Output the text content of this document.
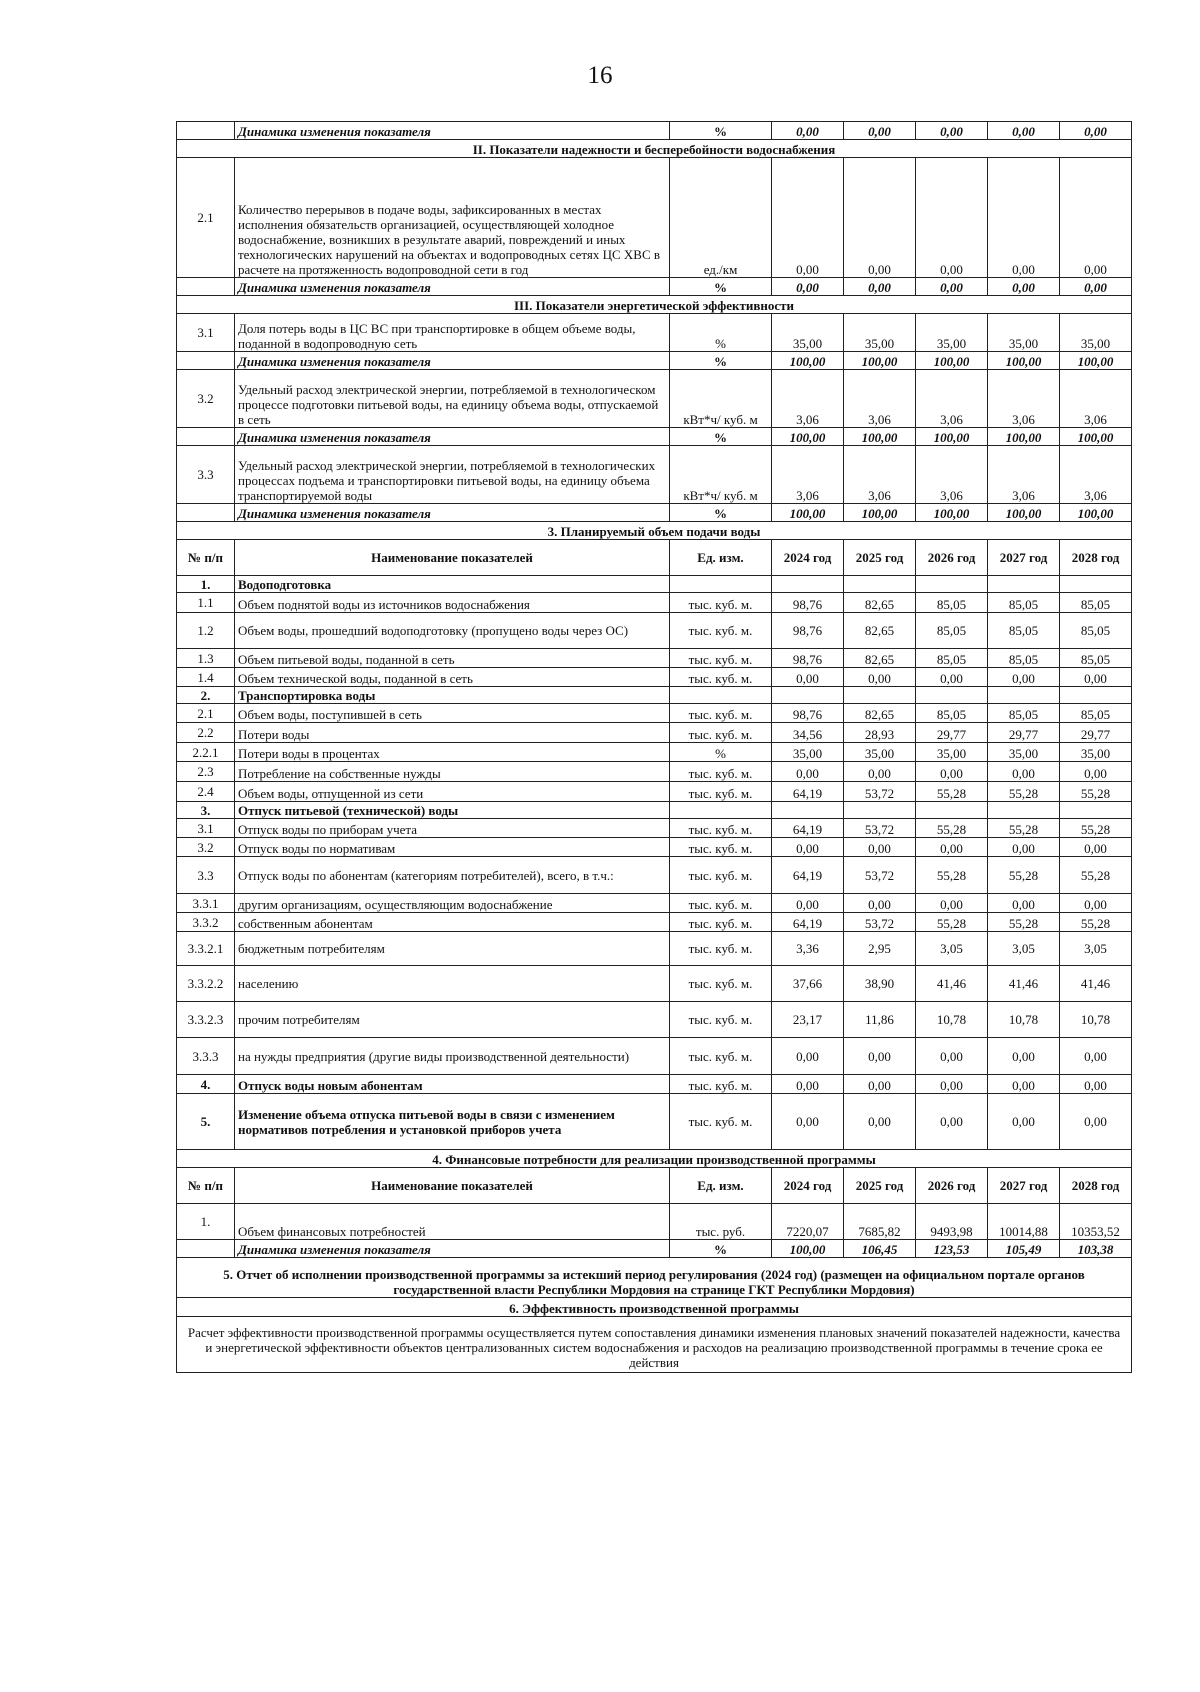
16
	Динамика изменения показателя	%	0,00	0,00	0,00	0,00	0,00
II. Показатели надежности и бесперебойности водоснабжения							
2.1	Количество перерывов в подаче воды, зафиксированных в местах исполнения обязательств организацией, осуществляющей холодное водоснабжение, возникших в результате аварий, повреждений и иных технологических нарушений на объектах и водопроводных сетях ЦС ХВС в расчете на протяженность водопроводной сети в год	ед./км	0,00	0,00	0,00	0,00	0,00
	Динамика изменения показателя	%	0,00	0,00	0,00	0,00	0,00
III. Показатели энергетической эффективности							
3.1	Доля потерь воды в ЦС ВС при транспортировке в общем объеме воды, поданной в водопроводную сеть	%	35,00	35,00	35,00	35,00	35,00
	Динамика изменения показателя	%	100,00	100,00	100,00	100,00	100,00
3.2	Удельный расход электрической энергии, потребляемой в технологическом процессе подготовки питьевой воды, на единицу объема воды, отпускаемой в сеть	кВт*ч/ куб. м	3,06	3,06	3,06	3,06	3,06
	Динамика изменения показателя	%	100,00	100,00	100,00	100,00	100,00
3.3	Удельный расход электрической энергии, потребляемой в технологических процессах подъема и транспортировки питьевой воды, на единицу объема транспортируемой воды	кВт*ч/ куб. м	3,06	3,06	3,06	3,06	3,06
	Динамика изменения показателя	%	100,00	100,00	100,00	100,00	100,00
3. Планируемый объем подачи воды							
№ п/п	Наименование показателей	Ед. изм.	2024 год	2025 год	2026 год	2027 год	2028 год
1.	Водоподготовка						
1.1	Объем поднятой воды из источников водоснабжения	тыс. куб. м.	98,76	82,65	85,05	85,05	85,05
1.2	Объем воды, прошедший водоподготовку (пропущено воды через ОС)	тыс. куб. м.	98,76	82,65	85,05	85,05	85,05
1.3	Объем питьевой воды, поданной в сеть	тыс. куб. м.	98,76	82,65	85,05	85,05	85,05
1.4	Объем технической воды, поданной в сеть	тыс. куб. м.	0,00	0,00	0,00	0,00	0,00
2.	Транспортировка воды						
2.1	Объем воды, поступившей в сеть	тыс. куб. м.	98,76	82,65	85,05	85,05	85,05
2.2	Потери воды	тыс. куб. м.	34,56	28,93	29,77	29,77	29,77
2.2.1	Потери воды в процентах	%	35,00	35,00	35,00	35,00	35,00
2.3	Потребление на собственные нужды	тыс. куб. м.	0,00	0,00	0,00	0,00	0,00
2.4	Объем воды, отпущенной из сети	тыс. куб. м.	64,19	53,72	55,28	55,28	55,28
3.	Отпуск питьевой (технической) воды						
3.1	Отпуск воды по приборам учета	тыс. куб. м.	64,19	53,72	55,28	55,28	55,28
3.2	Отпуск воды по нормативам	тыс. куб. м.	0,00	0,00	0,00	0,00	0,00
3.3	Отпуск воды по абонентам (категориям потребителей), всего, в т.ч.:	тыс. куб. м.	64,19	53,72	55,28	55,28	55,28
3.3.1	другим организациям, осуществляющим водоснабжение	тыс. куб. м.	0,00	0,00	0,00	0,00	0,00
3.3.2	собственным абонентам	тыс. куб. м.	64,19	53,72	55,28	55,28	55,28
3.3.2.1	бюджетным потребителям	тыс. куб. м.	3,36	2,95	3,05	3,05	3,05
3.3.2.2	населению	тыс. куб. м.	37,66	38,90	41,46	41,46	41,46
3.3.2.3	прочим потребителям	тыс. куб. м.	23,17	11,86	10,78	10,78	10,78
3.3.3	на нужды предприятия (другие виды производственной деятельности)	тыс. куб. м.	0,00	0,00	0,00	0,00	0,00
4.	Отпуск воды новым абонентам	тыс. куб. м.	0,00	0,00	0,00	0,00	0,00
5.	Изменение объема отпуска питьевой воды в связи с изменением нормативов потребления и установкой приборов учета	тыс. куб. м.	0,00	0,00	0,00	0,00	0,00
4. Финансовые потребности для реализации производственной программы							
№ п/п	Наименование показателей	Ед. изм.	2024 год	2025 год	2026 год	2027 год	2028 год
1.	Объем финансовых потребностей	тыс. руб.	7220,07	7685,82	9493,98	10014,88	10353,52
	Динамика изменения показателя	%	100,00	106,45	123,53	105,49	103,38
5. Отчет об исполнении производственной программы за истекший период регулирования (2024 год) (размещен на официальном портале органов государственной власти Республики Мордовия на странице ГКТ Республики Мордовия)							
6. Эффективность производственной программы							
Расчет эффективности производственной программы осуществляется путем сопоставления динамики изменения плановых значений показателей надежности, качества и энергетической эффективности объектов централизованных систем водоснабжения и расходов на реализацию производственной программы в течение срока ее действия							
